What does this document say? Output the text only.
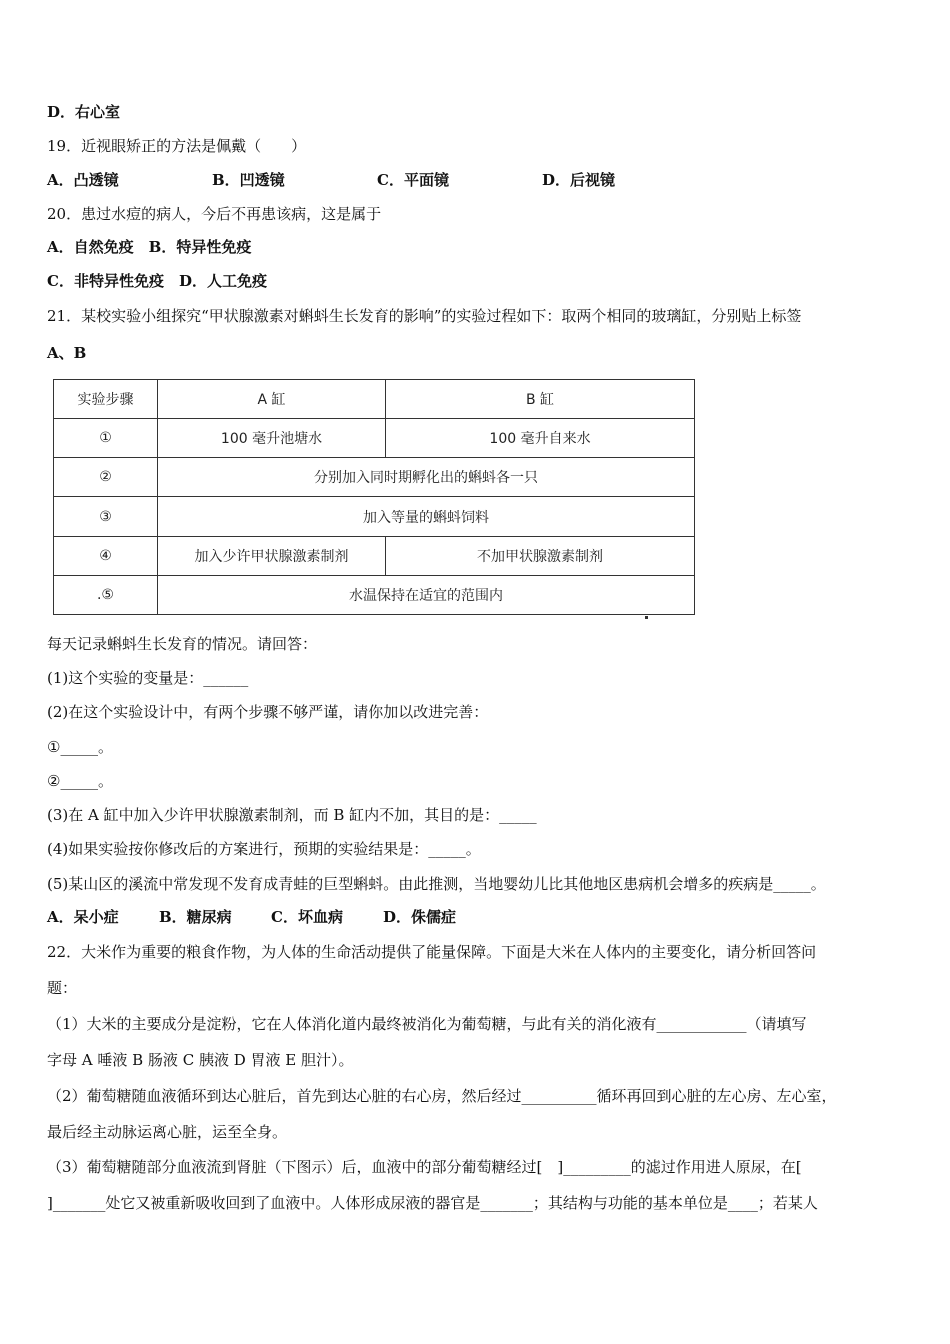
D．右心室
19．近视眼矫正的方法是佩戴（　　）
A．凸透镜	B．凹透镜	C．平面镜	D．后视镜
20．患过水痘的病人，今后不再患该病，这是属于
A．自然免疫　B．特异性免疫
C．非特异性免疫　D．人工免疫
21．某校实验小组探究“甲状腺激素对蝌蚪生长发育的影响”的实验过程如下：取两个相同的玻璃缸，分别贴上标签
A、B
实验步骤	A 缸	B 缸
①	100 毫升池塘水	100 毫升自来水
②	分别加入同时期孵化出的蝌蚪各一只	
③	加入等量的蝌蚪饲料	
④	加入少许甲状腺激素制剂	不加甲状腺激素制剂
.⑤	水温保持在适宜的范围内	
每天记录蝌蚪生长发育的情况。请回答：
(1)这个实验的变量是：______
(2)在这个实验设计中，有两个步骤不够严谨，请你加以改进完善：
①_____。
②_____。
(3)在 A 缸中加入少许甲状腺激素制剂，而 B 缸内不加，其目的是：_____
(4)如果实验按你修改后的方案进行，预期的实验结果是：_____。
(5)某山区的溪流中常发现不发育成青蛙的巨型蝌蚪。由此推测，当地婴幼儿比其他地区患病机会增多的疾病是_____。
A．呆小症	B．糖尿病	C．坏血病	D．侏儒症
22．大米作为重要的粮食作物，为人体的生命活动提供了能量保障。下面是大米在人体内的主要变化，请分析回答问
题：
（1）大米的主要成分是淀粉，它在人体消化道内最终被消化为葡萄糖，与此有关的消化液有____________（请填写
字母 A 唾液 B 肠液 C 胰液 D 胃液 E 胆汁）。
（2）葡萄糖随血液循环到达心脏后，首先到达心脏的右心房，然后经过__________循环再回到心脏的左心房、左心室，
最后经主动脉运离心脏，运至全身。
（3）葡萄糖随部分血液流到肾脏（下图示）后，血液中的部分葡萄糖经过[　]_________的滤过作用进人原尿，在[
]_______处它又被重新吸收回到了血液中。人体形成尿液的器官是_______；其结构与功能的基本单位是____；若某人
